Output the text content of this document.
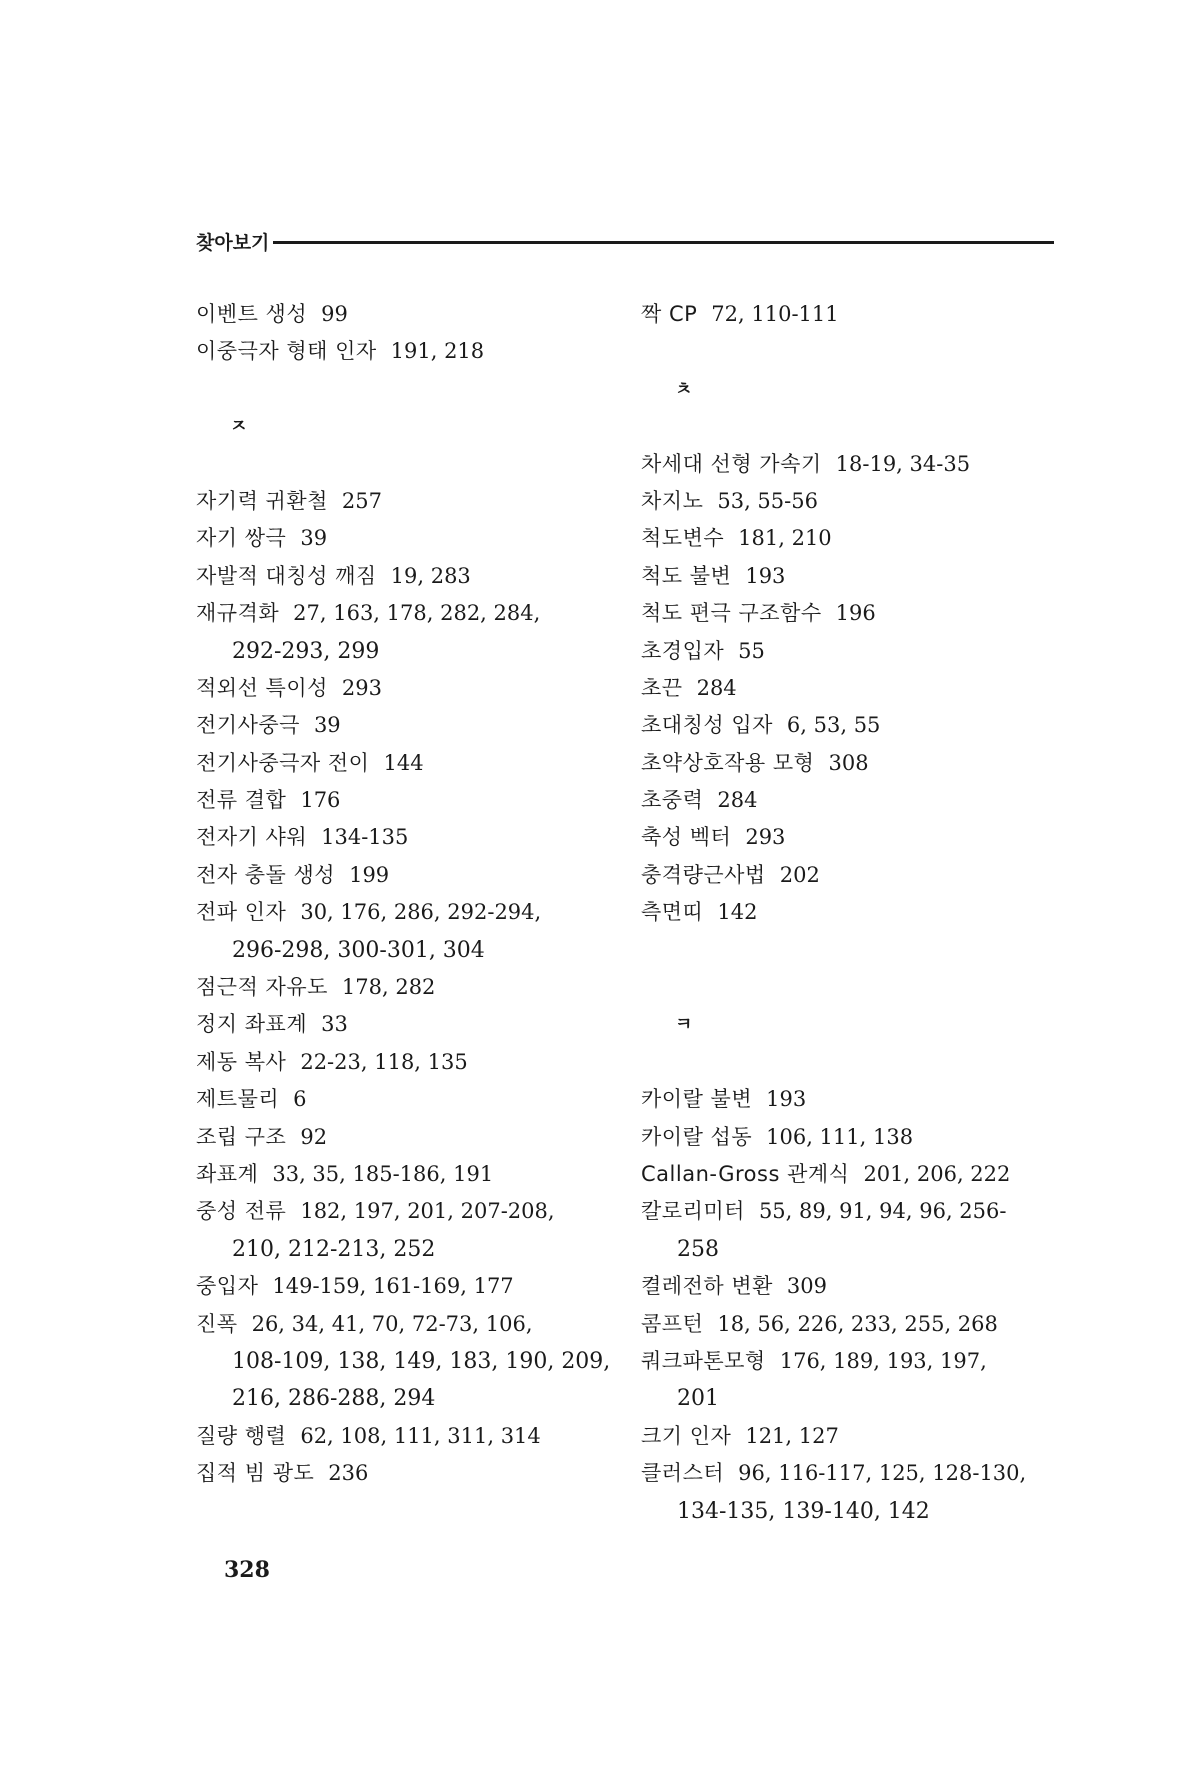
찾아보기
이벤트 생성 99
이중극자 형태 인자 191, 218
ㅈ
자기력 귀환철 257
자기 쌍극 39
자발적 대칭성 깨짐 19, 283
재규격화 27, 163, 178, 282, 284,
292-293, 299
적외선 특이성 293
전기사중극 39
전기사중극자 전이 144
전류 결합 176
전자기 샤워 134-135
전자 충돌 생성 199
전파 인자 30, 176, 286, 292-294,
296-298, 300-301, 304
점근적 자유도 178, 282
정지 좌표계 33
제동 복사 22-23, 118, 135
제트물리 6
조립 구조 92
좌표계 33, 35, 185-186, 191
중성 전류 182, 197, 201, 207-208,
210, 212-213, 252
중입자 149-159, 161-169, 177
진폭 26, 34, 41, 70, 72-73, 106,
108-109, 138, 149, 183, 190, 209,
216, 286-288, 294
질량 행렬 62, 108, 111, 311, 314
집적 빔 광도 236
짝 CP 72, 110-111
ㅊ
차세대 선형 가속기 18-19, 34-35
차지노 53, 55-56
척도변수 181, 210
척도 불변 193
척도 편극 구조함수 196
초경입자 55
초끈 284
초대칭성 입자 6, 53, 55
초약상호작용 모형 308
초중력 284
축성 벡터 293
충격량근사법 202
측면띠 142
ㅋ
카이랄 불변 193
카이랄 섭동 106, 111, 138
Callan-Gross 관계식 201, 206, 222
칼로리미터 55, 89, 91, 94, 96, 256-
258
켤레전하 변환 309
콤프턴 18, 56, 226, 233, 255, 268
쿼크파톤모형 176, 189, 193, 197,
201
크기 인자 121, 127
클러스터 96, 116-117, 125, 128-130,
134-135, 139-140, 142
328
